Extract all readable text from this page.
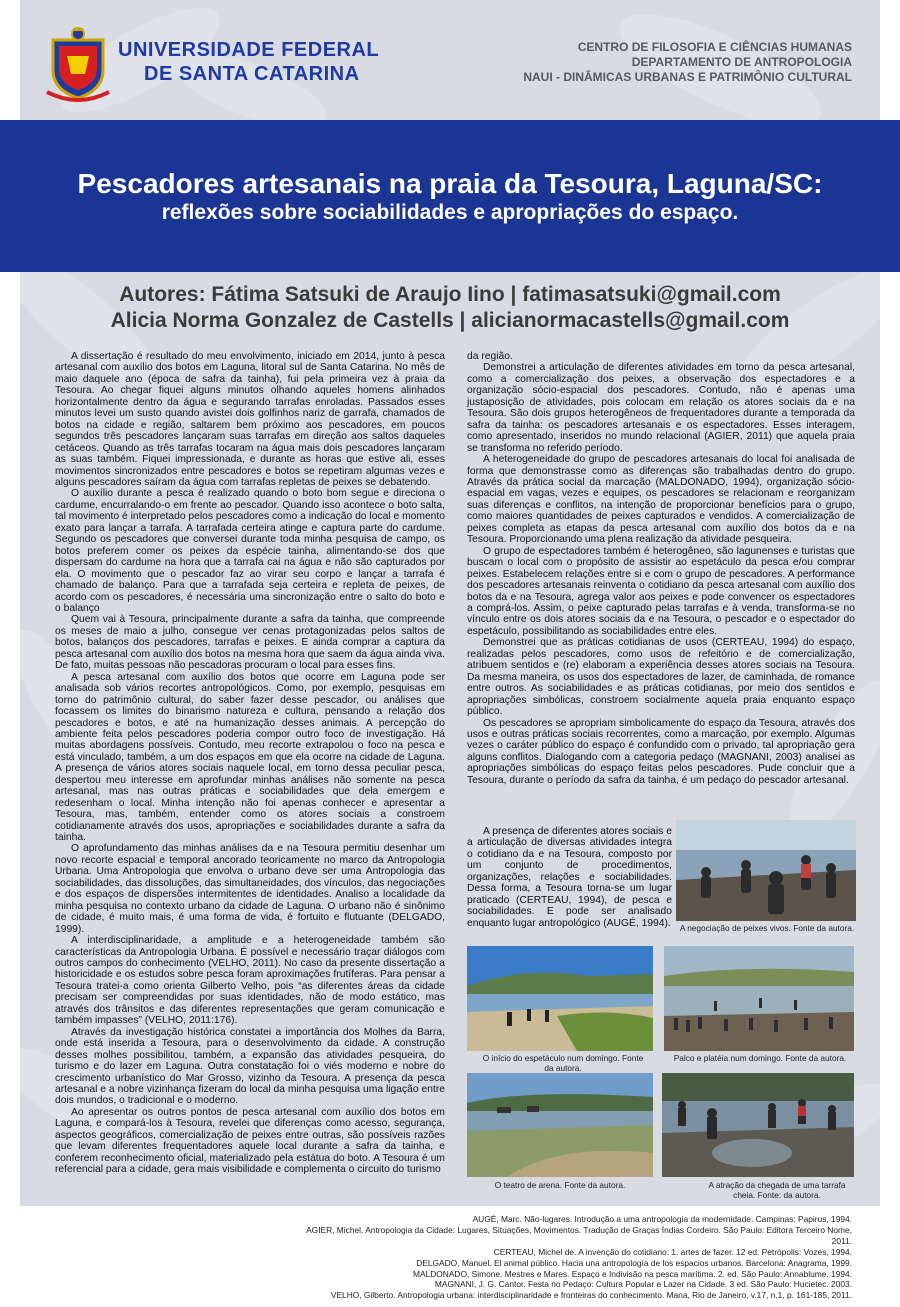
UNIVERSIDADE FEDERAL
DE SANTA CATARINA
CENTRO DE FILOSOFIA E CIÊNCIAS HUMANAS
DEPARTAMENTO DE ANTROPOLOGIA
NAUI - DINÂMICAS URBANAS E PATRIMÔNIO CULTURAL
Pescadores artesanais na praia da Tesoura, Laguna/SC:
reflexões sobre sociabilidades e apropriações do espaço.
Autores: Fátima Satsuki de Araujo Iino | fatimasatsuki@gmail.com
Alicia Norma Gonzalez de Castells | alicianormacastells@gmail.com

A dissertação é resultado do meu envolvimento, iniciado em 2014, junto à pesca artesanal com auxílio dos botos em Laguna, litoral sul de Santa Catarina. No mês de maio daquele ano (época de safra da tainha), fui pela primeira vez à praia da Tesoura. Ao chegar fiquei alguns minutos olhando aqueles homens alinhados horizontalmente dentro da água e segurando tarrafas enroladas. Passados esses minutos levei um susto quando avistei dois golfinhos nariz de garrafa, chamados de botos na cidade e região, saltarem bem próximo aos pescadores, em poucos segundos três pescadores lançaram suas tarrafas em direção aos saltos daqueles cetáceos. Quando as três tarrafas tocaram na água mais dois pescadores lançaram as suas também. Fiquei impressionada, e durante as horas que estive ali, esses movimentos sincronizados entre pescadores e botos se repetiram algumas vezes e alguns pescadores saíram da água com tarrafas repletas de peixes se debatendo.

O auxílio durante a pesca é realizado quando o boto bom segue e direciona o cardume, encurralando-o em frente ao pescador. Quando isso acontece o boto salta, tal movimento é interpretado pelos pescadores como a indicação do local e momento exato para lançar a tarrafa. A tarrafada certeira atinge e captura parte do cardume. Segundo os pescadores que conversei durante toda minha pesquisa de campo, os botos preferem comer os peixes da espécie tainha, alimentando-se dos que dispersam do cardume na hora que a tarrafa cai na água e não são capturados por ela. O movimento que o pescador faz ao virar seu corpo e lançar a tarrafa é chamado de balanço. Para que a tarrafada seja certeira e repleta de peixes, de acordo com os pescadores, é necessária uma sincronização entre o salto do boto e o balanço

Quem vai à Tesoura, principalmente durante a safra da tainha, que compreende os meses de maio a julho, consegue ver cenas protagonizadas pelos saltos de botos, balanços dos pescadores, tarrafas e peixes. E ainda comprar a captura da pesca artesanal com auxílio dos botos na mesma hora que saem da água ainda viva. De fato, muitas pessoas não pescadoras procuram o local para esses fins.

A pesca artesanal com auxílio dos botos que ocorre em Laguna pode ser analisada sob vários recortes antropológicos. Como, por exemplo, pesquisas em torno do patrimônio cultural, do saber fazer desse pescador, ou análises que focassem os limites do binarismo natureza e cultura, pensando a relação dos pescadores e botos, e até na humanização desses animais. A percepção do ambiente feita pelos pescadores poderia compor outro foco de investigação. Há muitas abordagens possíveis. Contudo, meu recorte extrapolou o foco na pesca e está vinculado, também, a um dos espaços em que ela ocorre na cidade de Laguna. A presença de vários atores sociais naquele local, em torno dessa peculiar pesca, despertou meu interesse em aprofundar minhas análises não somente na pesca artesanal, mas nas outras práticas e sociabilidades que dela emergem e redesenham o local. Minha intenção não foi apenas conhecer e apresentar a Tesoura, mas, também, entender como os atores sociais a constroem cotidianamente através dos usos, apropriações e sociabilidades durante a safra da tainha.

O aprofundamento das minhas análises da e na Tesoura permitiu desenhar um novo recorte espacial e temporal ancorado teoricamente no marco da Antropologia Urbana. Uma Antropologia que envolva o urbano deve ser uma Antropologia das sociabilidades, das dissoluções, das simultaneidades, dos vínculos, das negociações e dos espaços de dispersões intermitentes de identidades. Analiso a localidade da minha pesquisa no contexto urbano da cidade de Laguna. O urbano não é sinônimo de cidade, é muito mais, é uma forma de vida, é fortuito e flutuante (DELGADO, 1999).

A interdisciplinaridade, a amplitude e a heterogeneidade também são características da Antropologia Urbana. É possível e necessário traçar diálogos com outros campos do conhecimento (VELHO, 2011). No caso da presente dissertação a historicidade e os estudos sobre pesca foram aproximações frutíferas. Para pensar a Tesoura tratei-a como orienta Gilberto Velho, pois “as diferentes áreas da cidade precisam ser compreendidas por suas identidades, não de modo estático, mas através dos trânsitos e das diferentes representações que geram comunicação e também impasses” (VELHO, 2011:176).

Através da investigação histórica constatei a importância dos Molhes da Barra, onde está inserida a Tesoura, para o desenvolvimento da cidade. A construção desses molhes possibilitou, também, a expansão das atividades pesqueira, do turismo e do lazer em Laguna. Outra constatação foi o viés moderno e nobre do crescimento urbanístico do Mar Grosso, vizinho da Tesoura. A presença da pesca artesanal e a nobre vizinhança fizeram do local da minha pesquisa uma ligação entre dois mundos, o tradicional e o moderno.

Ao apresentar os outros pontos de pesca artesanal com auxílio dos botos em Laguna, e compará-los à Tesoura, revelei que diferenças como acesso, segurança, aspectos geográficos, comercialização de peixes entre outras, são possíveis razões que levam diferentes frequentadores aquele local durante a safra da tainha, e conferem reconhecimento oficial, materializado pela estátua do boto. A Tesoura é um referencial para a cidade, gera mais visibilidade e complementa o circuito do turismo

da região.

Demonstrei a articulação de diferentes atividades em torno da pesca artesanal, como a comercialização dos peixes, a observação dos espectadores e a organização sócio-espacial dos pescadores. Contudo, não é apenas uma justaposição de atividades, pois colocam em relação os atores sociais da e na Tesoura. São dois grupos heterogêneos de frequentadores durante a temporada da safra da tainha: os pescadores artesanais e os espectadores. Esses interagem, como apresentado, inseridos no mundo relacional (AGIER, 2011) que aquela praia se transforma no referido período.

A heterogeneidade do grupo de pescadores artesanais do local foi analisada de forma que demonstrasse como as diferenças são trabalhadas dentro do grupo. Através da prática social da marcação (MALDONADO, 1994), organização sócio-espacial em vagas, vezes e equipes, os pescadores se relacionam e reorganizam suas diferenças e conflitos, na intenção de proporcionar benefícios para o grupo, como maiores quantidades de peixes capturados e vendidos. A comercialização de peixes completa as etapas da pesca artesanal com auxílio dos botos da e na Tesoura. Proporcionando uma plena realização da atividade pesqueira.

O grupo de espectadores também é heterogêneo, são lagunenses e turistas que buscam o local com o propósito de assistir ao espetáculo da pesca e/ou comprar peixes. Estabelecem relações entre si e com o grupo de pescadores. A performance dos pescadores artesanais reinventa o cotidiano da pesca artesanal com auxílio dos botos da e na Tesoura, agrega valor aos peixes e pode convencer os espectadores a comprá-los. Assim, o peixe capturado pelas tarrafas e à venda, transforma-se no vínculo entre os dois atores sociais da e na Tesoura, o pescador e o espectador do espetáculo, possibilitando as sociabilidades entre eles.

Demonstrei que as práticas cotidianas de usos (CERTEAU, 1994) do espaço, realizadas pelos pescadores, como usos de refeitório e de comercialização, atribuem sentidos e (re) elaboram a experiência desses atores sociais na Tesoura. Da mesma maneira, os usos dos espectadores de lazer, de caminhada, de romance entre outros. As sociabilidades e as práticas cotidianas, por meio dos sentidos e apropriações simbólicas, constroem socialmente aquela praia enquanto espaço público.

Os pescadores se apropriam simbolicamente do espaço da Tesoura, através dos usos e outras práticas sociais recorrentes, como a marcação, por exemplo. Algumas vezes o caráter público do espaço é confundido com o privado, tal apropriação gera alguns conflitos. Dialogando com a categoria pedaço (MAGNANI, 2003) analisei as apropriações simbólicas do espaço feitas pelos pescadores. Pude concluir que a Tesoura, durante o período da safra da tainha, é um pedaço do pescador artesanal.

A presença de diferentes atores sociais e a articulação de diversas atividades integra o cotidiano da e na Tesoura, composto por um conjunto de procedimentos, organizações, relações e sociabilidades. Dessa forma, a Tesoura torna-se um lugar praticado (CERTEAU, 1994), de pesca e sociabilidades. E pode ser analisado enquanto lugar antropológico (AUGÉ, 1994).	A negociação de peixes vivos. Fonte da autora.
O início do espetáculo num domingo. Fonte da autora.
Palco e platéia num domingo. Fonte da autora.
O teatro de arena. Fonte da autora.	A atração da chegada de uma tarrafa cheia. Fonte: da autora.
AUGÉ, Marc. Não-lugares. Introdução a uma antropologia da modernidade. Campinas: Papirus, 1994.
AGIER, Michel. Antropologia da Cidade: Lugares, Situações, Movimentos. Tradução de Graças Índias Cordeiro. São Paulo: Editora Terceiro Nome, 2011.
CERTEAU, Michel de. A invenção do cotidiano: 1. artes de fazer. 12 ed. Petrópolis: Vozes, 1994.
DELGADO, Manuel. El animal público. Hacia una antropología de los espacios urbanos. Barcelona: Anagrama, 1999.
MALDONADO, Simone. Mestres e Mares. Espaço e Indivisão na pesca marítima. 2. ed. São Paulo: Annablume. 1994.
MAGNANI, J. G. Cantor. Festa no Pedaço: Cultura Popular e Lazer na Cidade. 3 ed. São Paulo: Hucietec. 2003.
VELHO, Gilberto. Antropologia urbana: interdisciplinaridade e fronteiras do conhecimento. Mana, Rio de Janeiro, v.17, n.1, p. 161-185, 2011.
